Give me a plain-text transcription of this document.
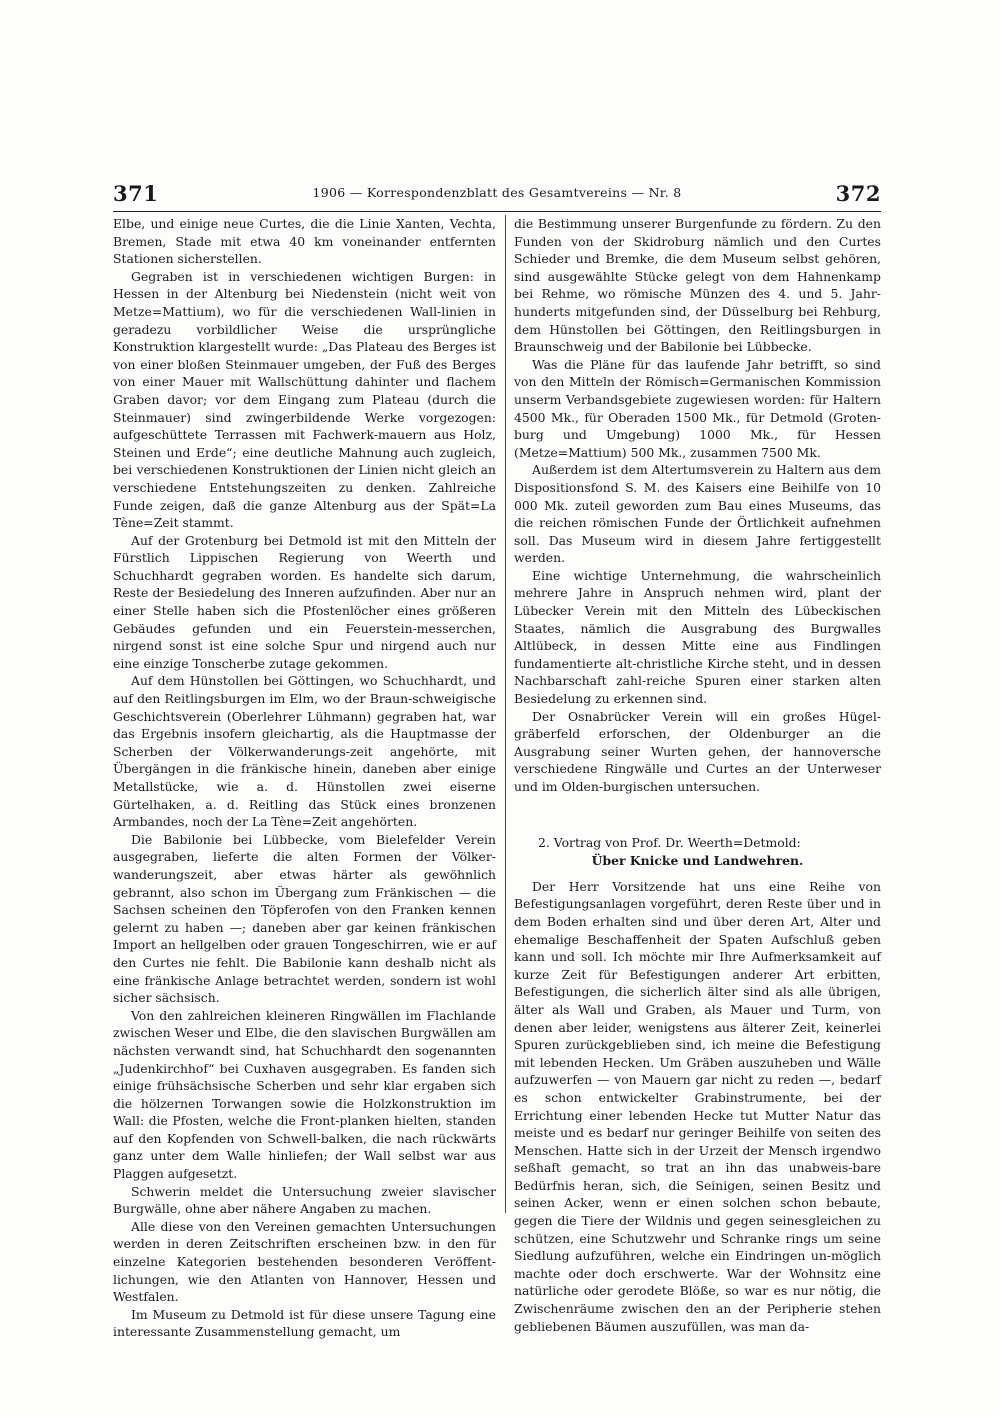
371	1906 — Korrespondenzblatt des Gesamtvereins — Nr. 8	372

Elbe, und einige neue Curtes, die die Linie Xanten, Vechta, Bremen, Stade mit etwa 40 km voneinander entfernten Stationen sicherstellen.

Gegraben ist in verschiedenen wichtigen Burgen: in Hessen in der Altenburg bei Niedenstein (nicht weit von Metze=Mattium), wo für die verschiedenen Wall-linien in geradezu vorbildlicher Weise die ursprüngliche Konstruktion klargestellt wurde: „Das Plateau des Berges ist von einer bloßen Steinmauer umgeben, der Fuß des Berges von einer Mauer mit Wallschüttung dahinter und flachem Graben davor; vor dem Eingang zum Plateau (durch die Steinmauer) sind zwingerbildende Werke vorgezogen: aufgeschüttete Terrassen mit Fachwerk-mauern aus Holz, Steinen und Erde“; eine deutliche Mahnung auch zugleich, bei verschiedenen Konstruktionen der Linien nicht gleich an verschiedene Entstehungszeiten zu denken. Zahlreiche Funde zeigen, daß die ganze Altenburg aus der Spät=La Tène=Zeit stammt.

Auf der Grotenburg bei Detmold ist mit den Mitteln der Fürstlich Lippischen Regierung von Weerth und Schuchhardt gegraben worden. Es handelte sich darum, Reste der Besiedelung des Inneren aufzufinden. Aber nur an einer Stelle haben sich die Pfostenlöcher eines größeren Gebäudes gefunden und ein Feuerstein-messerchen, nirgend sonst ist eine solche Spur und nirgend auch nur eine einzige Tonscherbe zutage gekommen.

Auf dem Hünstollen bei Göttingen, wo Schuchhardt, und auf den Reitlingsburgen im Elm, wo der Braun-schweigische Geschichtsverein (Oberlehrer Lühmann) gegraben hat, war das Ergebnis insofern gleichartig, als die Hauptmasse der Scherben der Völkerwanderungs-zeit angehörte, mit Übergängen in die fränkische hinein, daneben aber einige Metallstücke, wie a. d. Hünstollen zwei eiserne Gürtelhaken, a. d. Reitling das Stück eines bronzenen Armbandes, noch der La Tène=Zeit angehörten.

Die Babilonie bei Lübbecke, vom Bielefelder Verein ausgegraben, lieferte die alten Formen der Völker-wanderungszeit, aber etwas härter als gewöhnlich gebrannt, also schon im Übergang zum Fränkischen — die Sachsen scheinen den Töpferofen von den Franken kennen gelernt zu haben —; daneben aber gar keinen fränkischen Import an hellgelben oder grauen Tongeschirren, wie er auf den Curtes nie fehlt. Die Babilonie kann deshalb nicht als eine fränkische Anlage betrachtet werden, sondern ist wohl sicher sächsisch.

Von den zahlreichen kleineren Ringwällen im Flachlande zwischen Weser und Elbe, die den slavischen Burgwällen am nächsten verwandt sind, hat Schuchhardt den sogenannten „Judenkirchhof“ bei Cuxhaven ausgegraben. Es fanden sich einige frühsächsische Scherben und sehr klar ergaben sich die hölzernen Torwangen sowie die Holzkonstruktion im Wall: die Pfosten, welche die Front-planken hielten, standen auf den Kopfenden von Schwell-balken, die nach rückwärts ganz unter dem Walle hinliefen; der Wall selbst war aus Plaggen aufgesetzt.

Schwerin meldet die Untersuchung zweier slavischer Burgwälle, ohne aber nähere Angaben zu machen.

Alle diese von den Vereinen gemachten Untersuchungen werden in deren Zeitschriften erscheinen bzw. in den für einzelne Kategorien bestehenden besonderen Veröffent-lichungen, wie den Atlanten von Hannover, Hessen und Westfalen.

Im Museum zu Detmold ist für diese unsere Tagung eine interessante Zusammenstellung gemacht, um

die Bestimmung unserer Burgenfunde zu fördern. Zu den Funden von der Skidroburg nämlich und den Curtes Schieder und Bremke, die dem Museum selbst gehören, sind ausgewählte Stücke gelegt von dem Hahnenkamp bei Rehme, wo römische Münzen des 4. und 5. Jahr-hunderts mitgefunden sind, der Düsselburg bei Rehburg, dem Hünstollen bei Göttingen, den Reitlingsburgen in Braunschweig und der Babilonie bei Lübbecke.

Was die Pläne für das laufende Jahr betrifft, so sind von den Mitteln der Römisch=Germanischen Kommission unserm Verbandsgebiete zugewiesen worden: für Haltern 4500 Mk., für Oberaden 1500 Mk., für Detmold (Groten-burg und Umgebung) 1000 Mk., für Hessen (Metze=Mattium) 500 Mk., zusammen 7500 Mk.

Außerdem ist dem Altertumsverein zu Haltern aus dem Dispositionsfond S. M. des Kaisers eine Beihilfe von 10 000 Mk. zuteil geworden zum Bau eines Museums, das die reichen römischen Funde der Örtlichkeit aufnehmen soll. Das Museum wird in diesem Jahre fertiggestellt werden.

Eine wichtige Unternehmung, die wahrscheinlich mehrere Jahre in Anspruch nehmen wird, plant der Lübecker Verein mit den Mitteln des Lübeckischen Staates, nämlich die Ausgrabung des Burgwalles Altlübeck, in dessen Mitte eine aus Findlingen fundamentierte alt-christliche Kirche steht, und in dessen Nachbarschaft zahl-reiche Spuren einer starken alten Besiedelung zu erkennen sind.

Der Osnabrücker Verein will ein großes Hügel-gräberfeld erforschen, der Oldenburger an die Ausgrabung seiner Wurten gehen, der hannoversche verschiedene Ringwälle und Curtes an der Unterweser und im Olden-burgischen untersuchen.

2. Vortrag von Prof. Dr. Weerth=Detmold:

Über Knicke und Landwehren.

Der Herr Vorsitzende hat uns eine Reihe von Befestigungsanlagen vorgeführt, deren Reste über und in dem Boden erhalten sind und über deren Art, Alter und ehemalige Beschaffenheit der Spaten Aufschluß geben kann und soll. Ich möchte mir Ihre Aufmerksamkeit auf kurze Zeit für Befestigungen anderer Art erbitten, Befestigungen, die sicherlich älter sind als alle übrigen, älter als Wall und Graben, als Mauer und Turm, von denen aber leider, wenigstens aus älterer Zeit, keinerlei Spuren zurückgeblieben sind, ich meine die Befestigung mit lebenden Hecken. Um Gräben auszuheben und Wälle aufzuwerfen — von Mauern gar nicht zu reden —, bedarf es schon entwickelter Grabinstrumente, bei der Errichtung einer lebenden Hecke tut Mutter Natur das meiste und es bedarf nur geringer Beihilfe von seiten des Menschen. Hatte sich in der Urzeit der Mensch irgendwo seßhaft gemacht, so trat an ihn das unabweis-bare Bedürfnis heran, sich, die Seinigen, seinen Besitz und seinen Acker, wenn er einen solchen schon bebaute, gegen die Tiere der Wildnis und gegen seinesgleichen zu schützen, eine Schutzwehr und Schranke rings um seine Siedlung aufzuführen, welche ein Eindringen un-möglich machte oder doch erschwerte. War der Wohnsitz eine natürliche oder gerodete Blöße, so war es nur nötig, die Zwischenräume zwischen den an der Peripherie stehen gebliebenen Bäumen auszufüllen, was man da-
